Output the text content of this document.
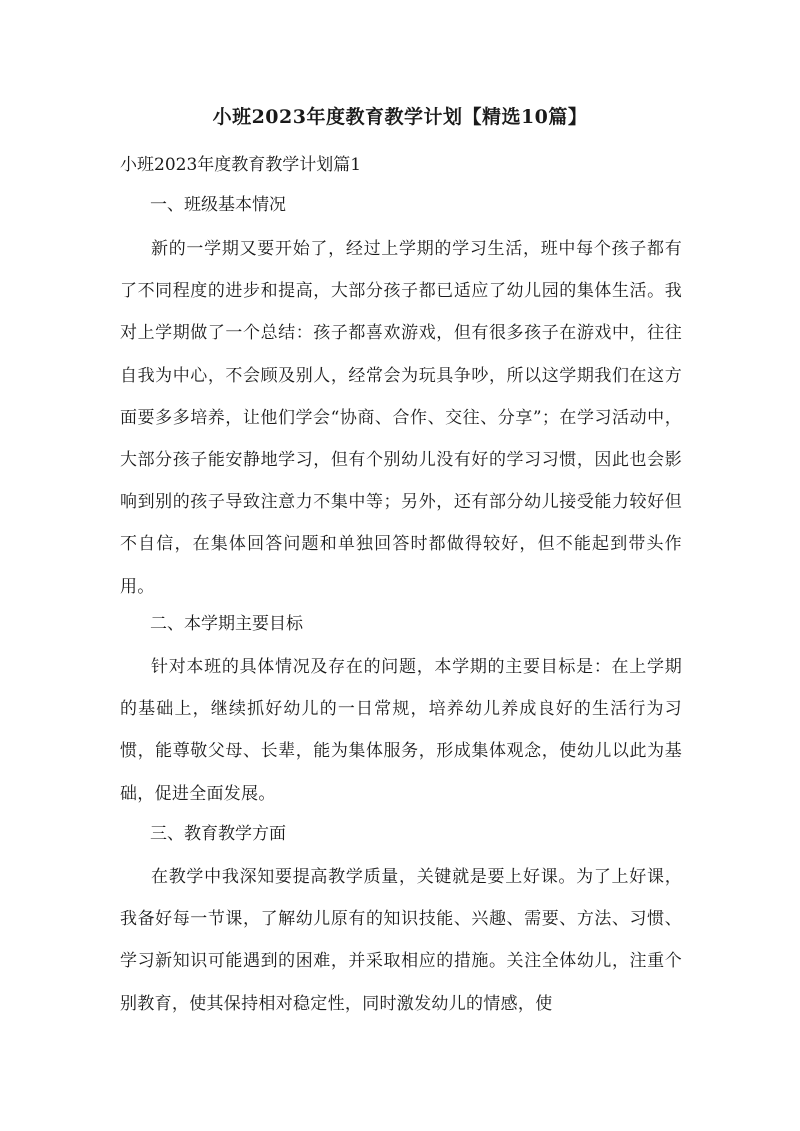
小班2023年度教育教学计划【精选10篇】

小班2023年度教育教学计划篇1

一、班级基本情况

新的一学期又要开始了，经过上学期的学习生活，班中每个孩子都有了不同程度的进步和提高，大部分孩子都已适应了幼儿园的集体生活。我对上学期做了一个总结：孩子都喜欢游戏，但有很多孩子在游戏中，往往自我为中心，不会顾及别人，经常会为玩具争吵，所以这学期我们在这方面要多多培养，让他们学会“协商、合作、交往、分享”；在学习活动中，大部分孩子能安静地学习，但有个别幼儿没有好的学习习惯，因此也会影响到别的孩子导致注意力不集中等；另外，还有部分幼儿接受能力较好但不自信，在集体回答问题和单独回答时都做得较好，但不能起到带头作用。

二、本学期主要目标

针对本班的具体情况及存在的问题，本学期的主要目标是：在上学期的基础上，继续抓好幼儿的一日常规，培养幼儿养成良好的生活行为习惯，能尊敬父母、长辈，能为集体服务，形成集体观念，使幼儿以此为基础，促进全面发展。

三、教育教学方面

在教学中我深知要提高教学质量，关键就是要上好课。为了上好课，我备好每一节课，了解幼儿原有的知识技能、兴趣、需要、方法、习惯、学习新知识可能遇到的困难，并采取相应的措施。关注全体幼儿，注重个别教育，使其保持相对稳定性，同时激发幼儿的情感，使
